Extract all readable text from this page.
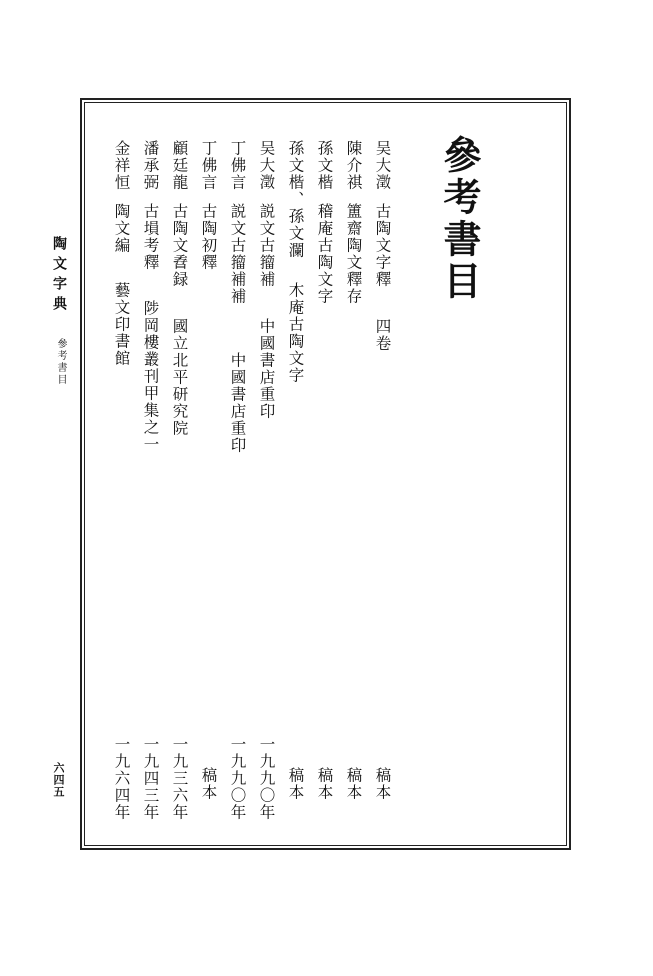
陶文字典
參考書目
六四五
參考書目
吴大澂
古陶文字釋
四卷
稿本
陳介祺
簠齋陶文釋存
稿本
孫文楷
稽庵古陶文字
稿本
孫文楷、孫文瀾
木庵古陶文字
稿本
吴大澂
説文古籀補
中國書店重印
一九九〇年
丁佛言
説文古籀補補
中國書店重印
一九九〇年
丁佛言
古陶初釋
稿本
顧廷龍
古陶文孴録
國立北平研究院
一九三六年
潘承弼
古塤考釋
陟岡樓叢刊甲集之一
一九四三年
金祥恒
陶文編
藝文印書館
一九六四年
